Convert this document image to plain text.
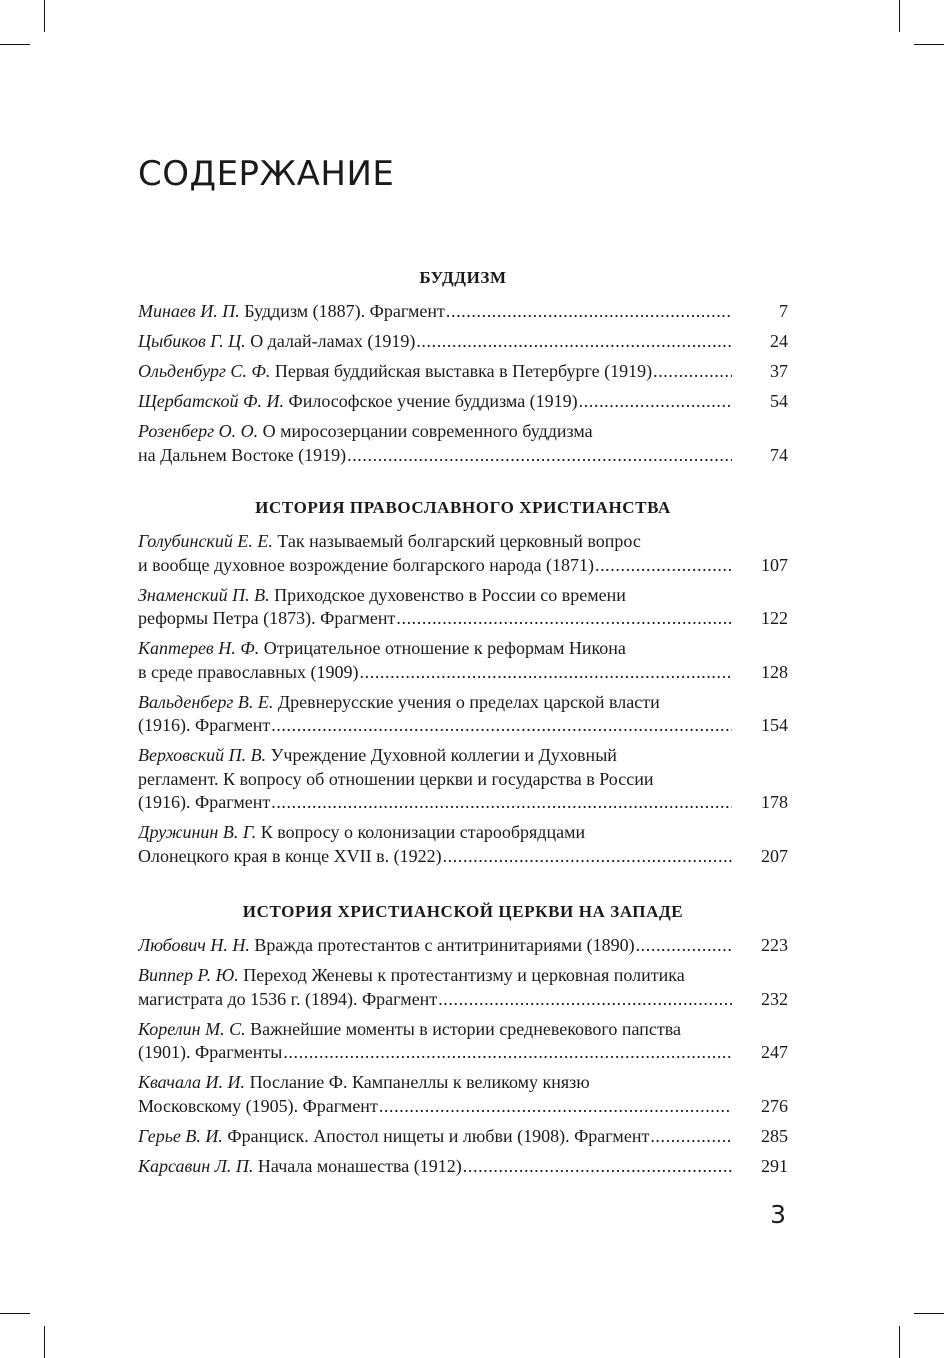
СОДЕРЖАНИЕ
БУДДИЗМ
Минаев И. П. Буддизм (1887). Фрагмент .....	7
Цыбиков Г. Ц. О далай-ламах (1919) .....	24
Ольденбург С. Ф. Первая буддийская выставка в Петербурге (1919) .....	37
Щербатской Ф. И. Философское учение буддизма (1919) .....	54
Розенберг О. О. О миросозерцании современного буддизма
на Дальнем Востоке (1919) .....	74
ИСТОРИЯ ПРАВОСЛАВНОГО ХРИСТИАНСТВА
Голубинский Е. Е. Так называемый болгарский церковный вопрос
и вообще духовное возрождение болгарского народа (1871) .....	107
Знаменский П. В. Приходское духовенство в России со времени
реформы Петра (1873). Фрагмент .....	122
Каптерев Н. Ф. Отрицательное отношение к реформам Никона
в среде православных (1909) .....	128
Вальденберг В. Е. Древнерусские учения о пределах царской власти
(1916). Фрагмент .....	154
Верховский П. В. Учреждение Духовной коллегии и Духовный
регламент. К вопросу об отношении церкви и государства в России
(1916). Фрагмент .....	178
Дружинин В. Г. К вопросу о колонизации старообрядцами
Олонецкого края в конце XVII в. (1922) .....	207
ИСТОРИЯ ХРИСТИАНСКОЙ ЦЕРКВИ НА ЗАПАДЕ
Любович Н. Н. Вражда протестантов с антитринитариями (1890) .....	223
Виппер Р. Ю. Переход Женевы к протестантизму и церковная политика
магистрата до 1536 г. (1894). Фрагмент .....	232
Корелин М. С. Важнейшие моменты в истории средневекового папства
(1901). Фрагменты .....	247
Квачала И. И. Послание Ф. Кампанеллы к великому князю
Московскому (1905). Фрагмент .....	276
Герье В. И. Франциск. Апостол нищеты и любви (1908). Фрагмент .....	285
Карсавин Л. П. Начала монашества (1912) .....	291
3
